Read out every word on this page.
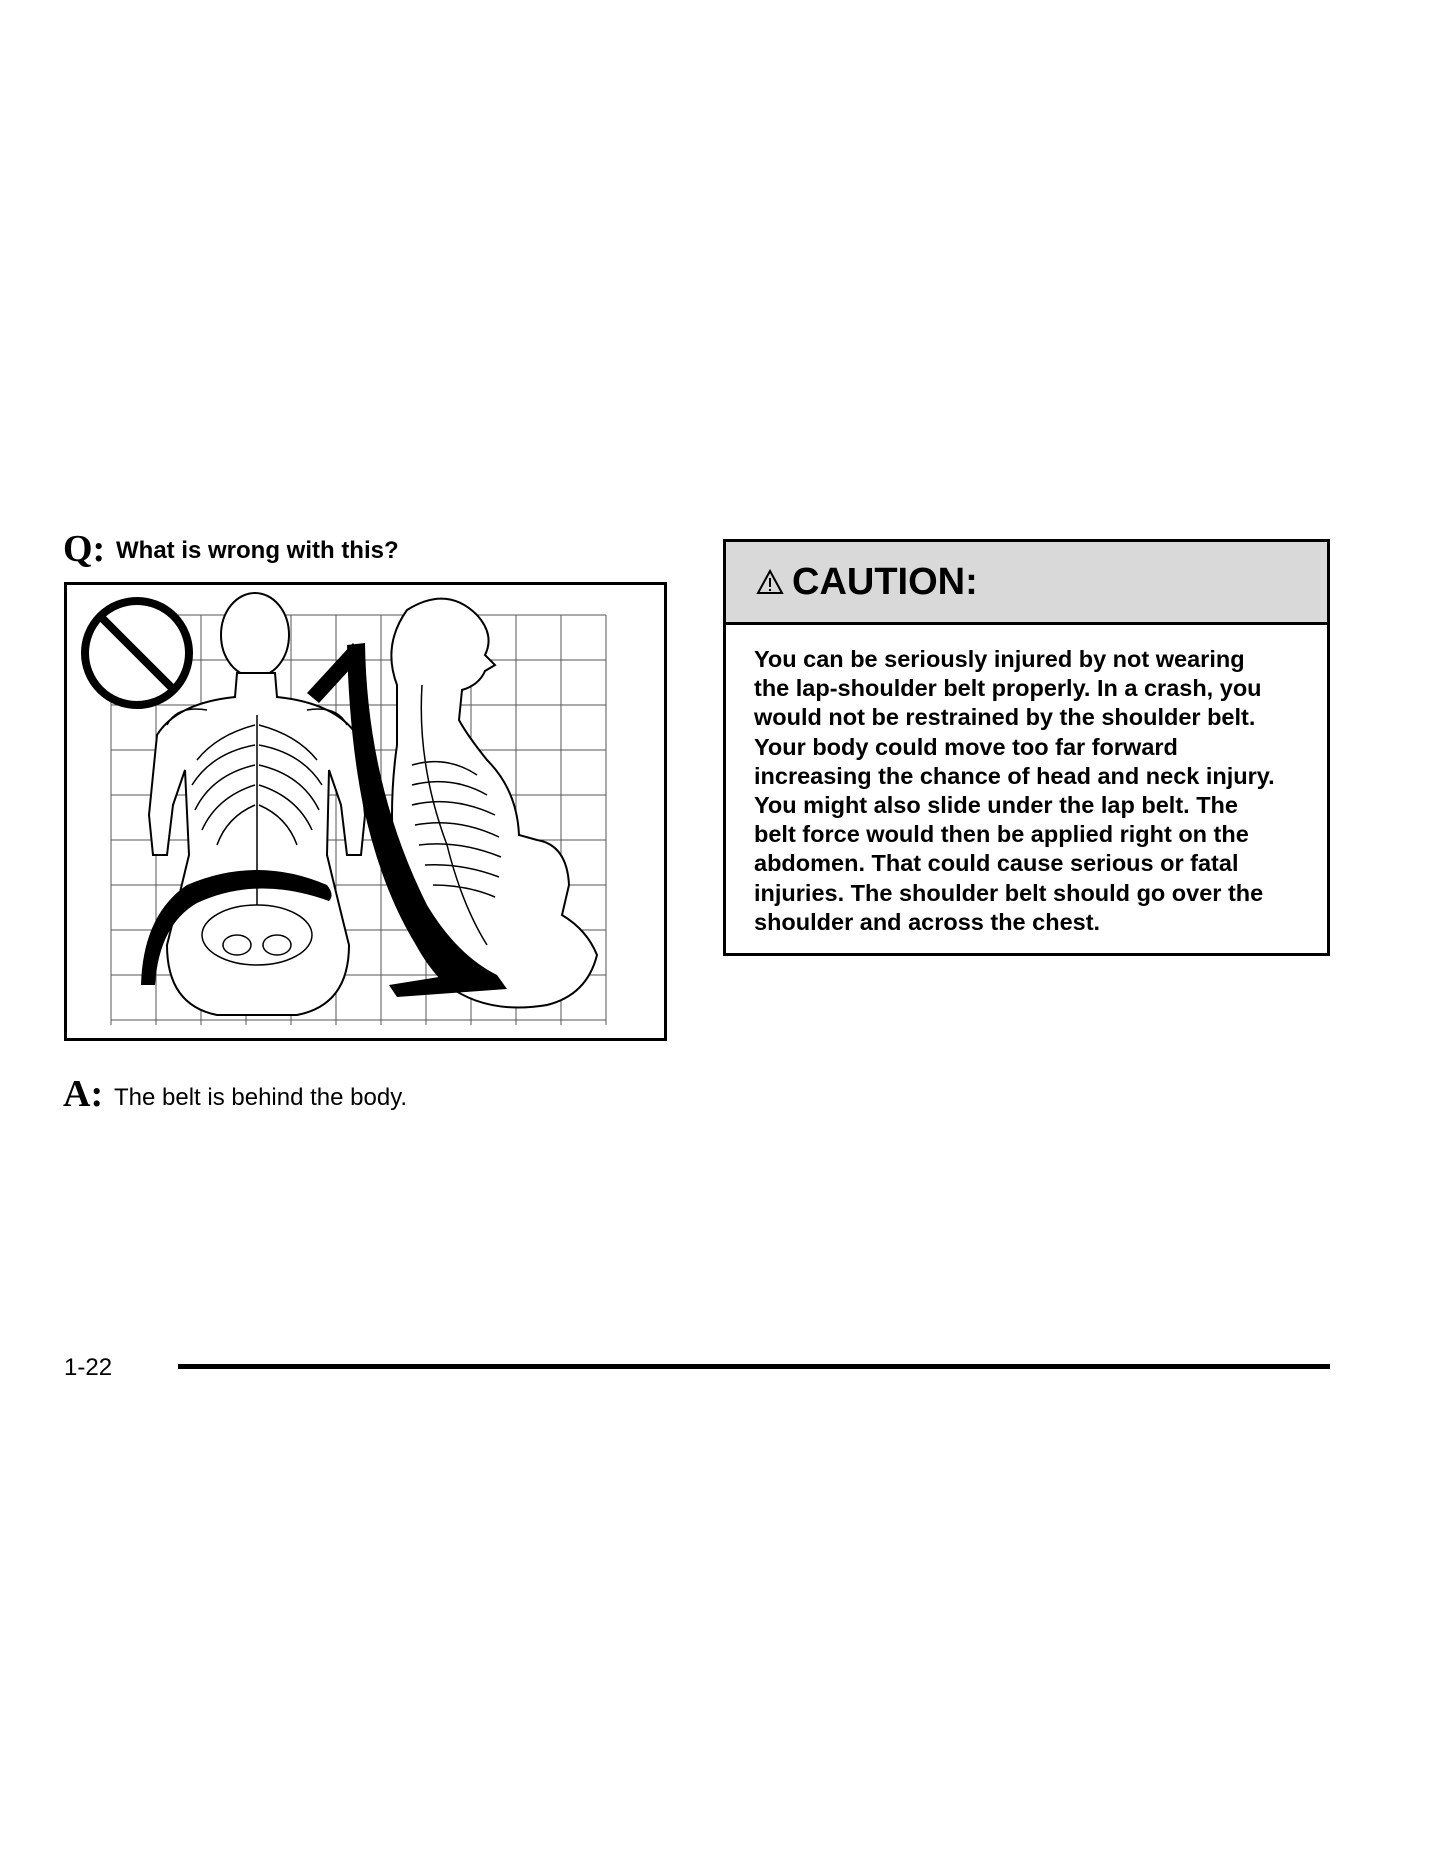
Q: What is wrong with this?
A: The belt is behind the body.
CAUTION:
You can be seriously injured by not wearing
the lap-shoulder belt properly. In a crash, you
would not be restrained by the shoulder belt.
Your body could move too far forward
increasing the chance of head and neck injury.
You might also slide under the lap belt. The
belt force would then be applied right on the
abdomen. That could cause serious or fatal
injuries. The shoulder belt should go over the
shoulder and across the chest.
1-22
